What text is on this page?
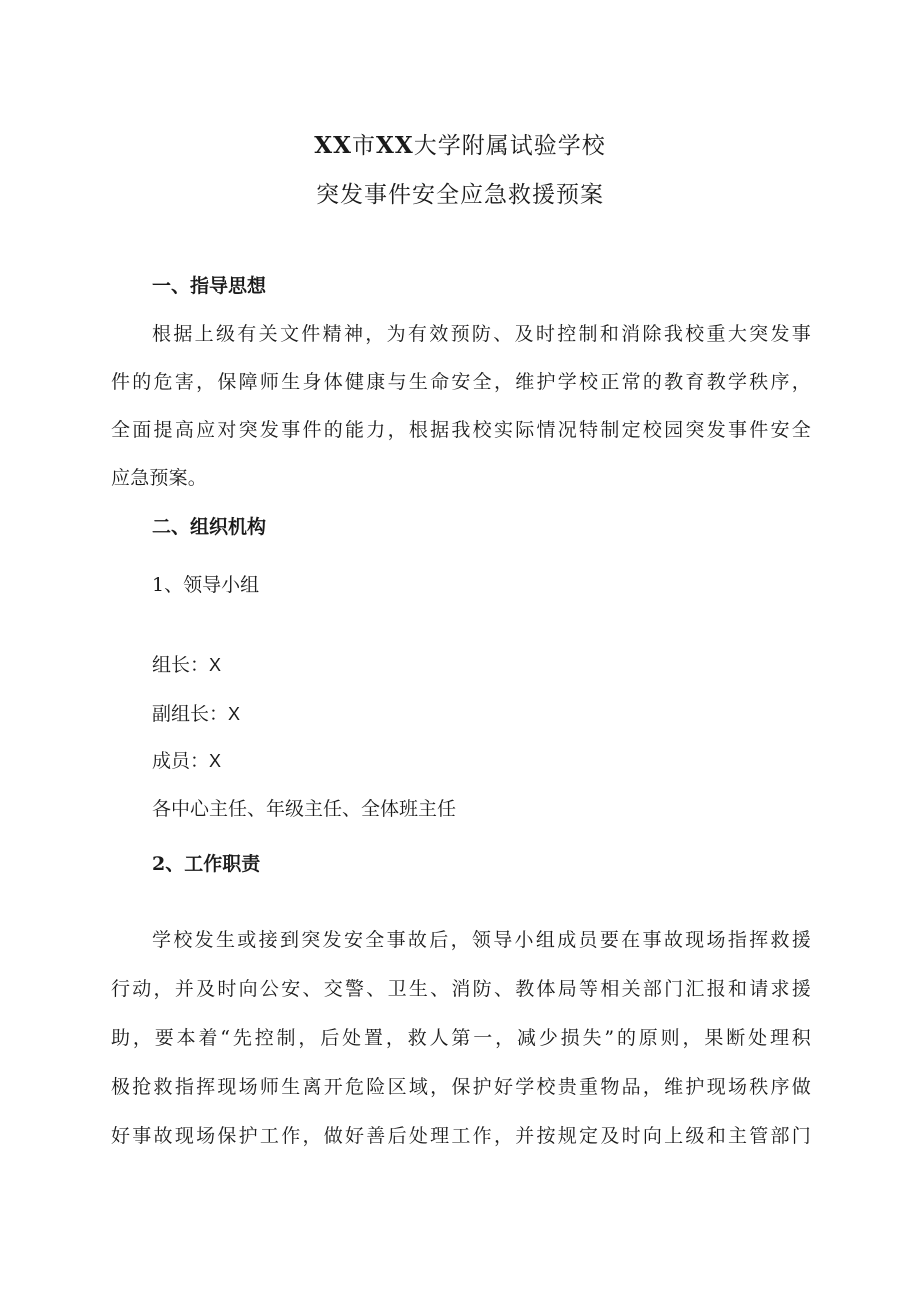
XX市XX大学附属试验学校
突发事件安全应急救援预案
一、指导思想
根据上级有关文件精神，为有效预防、及时控制和消除我校重大突发事
件的危害，保障师生身体健康与生命安全，维护学校正常的教育教学秩序，
全面提高应对突发事件的能力，根据我校实际情况特制定校园突发事件安全
应急预案。
二、组织机构
1、领导小组
组长：X
副组长：X
成员：X
各中心主任、年级主任、全体班主任
2、工作职责
学校发生或接到突发安全事故后，领导小组成员要在事故现场指挥救援
行动，并及时向公安、交警、卫生、消防、教体局等相关部门汇报和请求援
助，要本着“先控制，后处置，救人第一，减少损失”的原则，果断处理积
极抢救指挥现场师生离开危险区域，保护好学校贵重物品，维护现场秩序做
好事故现场保护工作，做好善后处理工作，并按规定及时向上级和主管部门
